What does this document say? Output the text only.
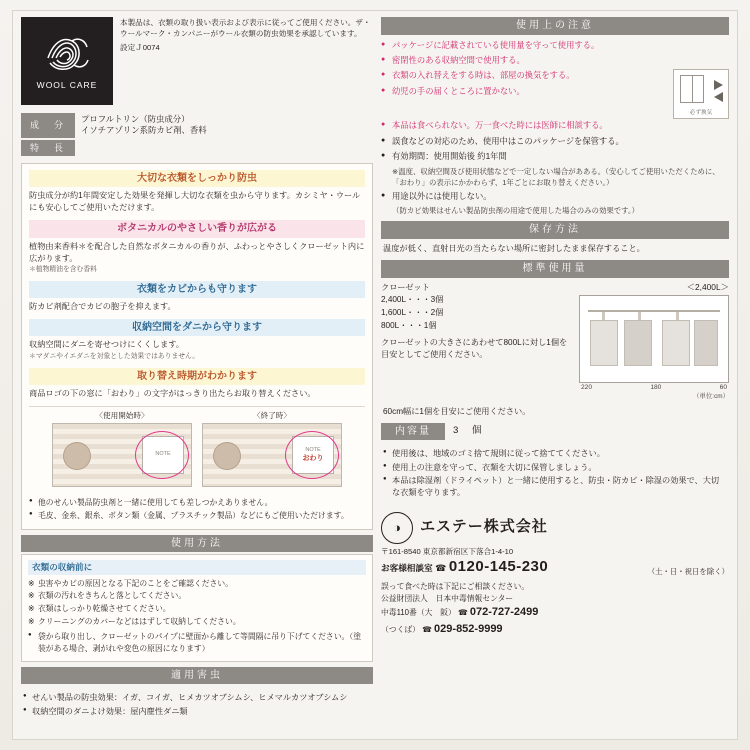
WOOL CARE
本製品は、衣類の取り扱い表示および表示に従ってご使用ください。ザ・ウールマーク・カンパニーがウール衣類の防虫効果を承認しています。
設定Ｊ0074
成　分
プロフルトリン（防虫成分）
イソチアゾリン系防カビ剤、香料
特　長
大切な衣類をしっかり防虫
防虫成分が約1年間安定した効果を発揮し大切な衣類を虫から守ります。カシミヤ・ウールにも安心してご使用いただけます。
ボタニカルのやさしい香りが広がる
植物由来香料＊を配合した自然なボタニカルの香りが、ふわっとやさしくクローゼット内に広がります。
＊植物精油を含む香料
衣類をカビからも守ります
防カビ剤配合でカビの胞子を抑えます。
収納空間をダニから守ります
収納空間にダニを寄せつけにくくします。
＊マダニやイエダニを対象とした効果ではありません。
取り替え時期がわかります
商品ロゴの下の窓に「おわり」の文字がはっきり出たらお取り替えください。
〈使用開始時〉
NOTE
〈終了時〉
NOTE
おわり
● 他のせんい製品防虫剤と一緒に使用しても差しつかえありません。
● 毛皮、金糸、銀糸、ボタン類（金属、プラスチック製品）などにもご使用いただけます。
使用方法
衣類の収納前に
※ 虫害やカビの原因となる下記のことをご確認ください。
※ 衣類の汚れをきちんと落としてください。
※ 衣類はしっかり乾燥させてください。
※ クリーニングのカバーなどははずして収納してください。
● 袋から取り出し、クローゼットのパイプに壁面から離して等間隔に吊り下げてください。（塗装がある場合、剥がれや変色の原因になります）
適用害虫
● せんい製品の防虫効果：イガ、コイガ、ヒメカツオブシムシ、ヒメマルカツオブシムシ
● 収納空間のダニよけ効果：屋内塵性ダニ類
使用上の注意
● パッケージに記載されている使用量を守って使用する。
● 密閉性のある収納空間で使用する。
● 衣類の入れ替えをする時は、部屋の換気をする。
● 幼児の手の届くところに置かない。
必ず換気
● 本品は食べられない。万一食べた時には医師に相談する。
● 誤食などの対応のため、使用中はこのパッケージを保管する。
● 有効期間：使用開始後 約1年間
※温度、収納空間及び使用状態などで一定しない場合があある。（安心してご使用いただくために、「おわり」の表示にかかわらず、1年ごとにお取り替えください。）
● 用途以外には使用しない。
（防カビ効果はせんい製品防虫剤の用途で使用した場合のみの効果です。）
保存方法
温度が低く、直射日光の当たらない場所に密封したまま保存すること。
標準使用量
クローゼット
2,400L・・・3個
1,600L・・・2個
800L・・・1個
クローゼットの大きさにあわせて800Lに対し1個を目安としてご使用ください。
＜2,400L＞
220	180	60
（単位:cm）
60cm幅に1個を目安にご使用ください。
内容量	3　個
● 使用後は、地域のゴミ捨て規則に従って捨ててください。
● 使用上の注意を守って、衣類を大切に保管しましょう。
● 本品は除湿剤（ドライペット）と一緒に使用すると、防虫・防カビ・除湿の効果で、大切な衣類を守ります。
◑	エステー株式会社
〒161-8540 東京都新宿区下落合1-4-10
お客様相談室 ☎ 0120-145-230	（土・日・祝日を除く）
誤って食べた時は下記にご相談ください。
公益財団法人　日本中毒情報センター
中毒110番（大　阪） ☎ 072-727-2499
（つくば） ☎ 029-852-9999
